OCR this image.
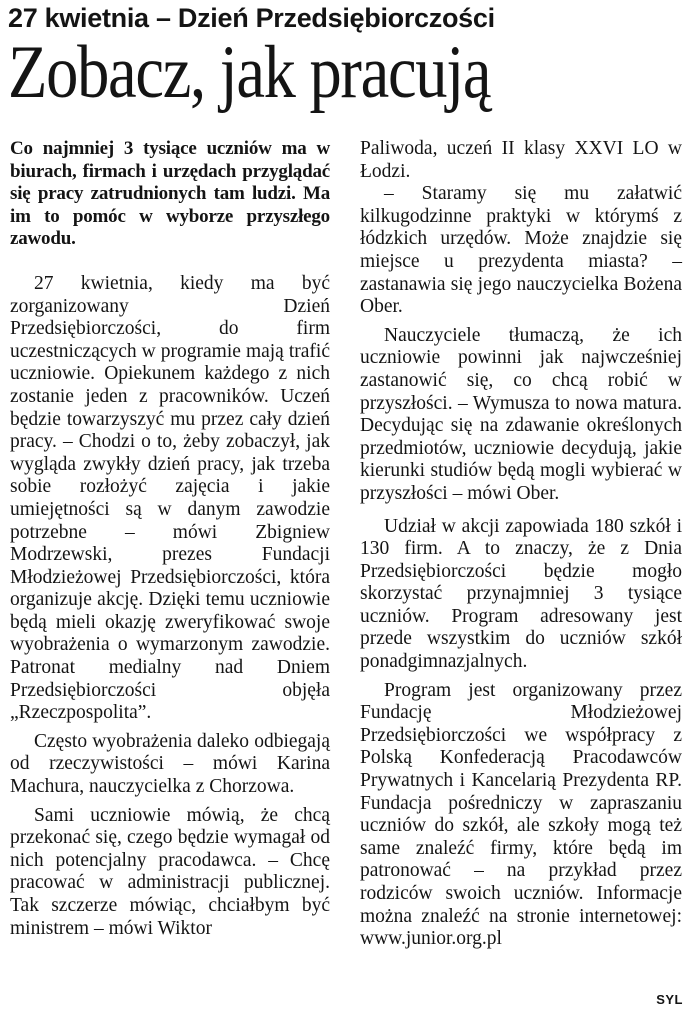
27 kwietnia – Dzień Przedsiębiorczości
Zobacz, jak pracują

Co najmniej 3 tysiące uczniów ma w biurach, firmach i urzędach przyglądać się pracy zatrudnionych tam ludzi. Ma im to pomóc w wyborze przyszłego zawodu.

27 kwietnia, kiedy ma być zorganizowany Dzień Przedsiębiorczości, do firm uczestniczących w programie mają trafić uczniowie. Opiekunem każdego z nich zostanie jeden z pracowników. Uczeń będzie towarzyszyć mu przez cały dzień pracy. – Chodzi o to, żeby zobaczył, jak wygląda zwykły dzień pracy, jak trzeba sobie rozłożyć zajęcia i jakie umiejętności są w danym zawodzie potrzebne – mówi Zbigniew Modrzewski, prezes Fundacji Młodzieżowej Przedsiębiorczości, która organizuje akcję. Dzięki temu uczniowie będą mieli okazję zweryfikować swoje wyobrażenia o wymarzonym zawodzie. Patronat medialny nad Dniem Przedsiębiorczości objęła „Rzeczpospolita”.

Często wyobrażenia daleko odbiegają od rzeczywistości – mówi Karina Machura, nauczycielka z Chorzowa.

Sami uczniowie mówią, że chcą przekonać się, czego będzie wymagał od nich potencjalny pracodawca. – Chcę pracować w administracji publicznej. Tak szczerze mówiąc, chciałbym być ministrem – mówi Wiktor

Paliwoda, uczeń II klasy XXVI LO w Łodzi.

– Staramy się mu załatwić kilkugodzinne praktyki w którymś z łódzkich urzędów. Może znajdzie się miejsce u prezydenta miasta? – zastanawia się jego nauczycielka Bożena Ober.

Nauczyciele tłumaczą, że ich uczniowie powinni jak najwcześniej zastanowić się, co chcą robić w przyszłości. – Wymusza to nowa matura. Decydując się na zdawanie określonych przedmiotów, uczniowie decydują, jakie kierunki studiów będą mogli wybierać w przyszłości – mówi Ober.

Udział w akcji zapowiada 180 szkół i 130 firm. A to znaczy, że z Dnia Przedsiębiorczości będzie mogło skorzystać przynajmniej 3 tysiące uczniów. Program adresowany jest przede wszystkim do uczniów szkół ponadgimnazjalnych.

Program jest organizowany przez Fundację Młodzieżowej Przedsiębiorczości we współpracy z Polską Konfederacją Pracodawców Prywatnych i Kancelarią Prezydenta RP. Fundacja pośredniczy w zapraszaniu uczniów do szkół, ale szkoły mogą też same znaleźć firmy, które będą im patronować – na przykład przez rodziców swoich uczniów. Informacje można znaleźć na stronie internetowej: www.junior.org.pl

SYL
